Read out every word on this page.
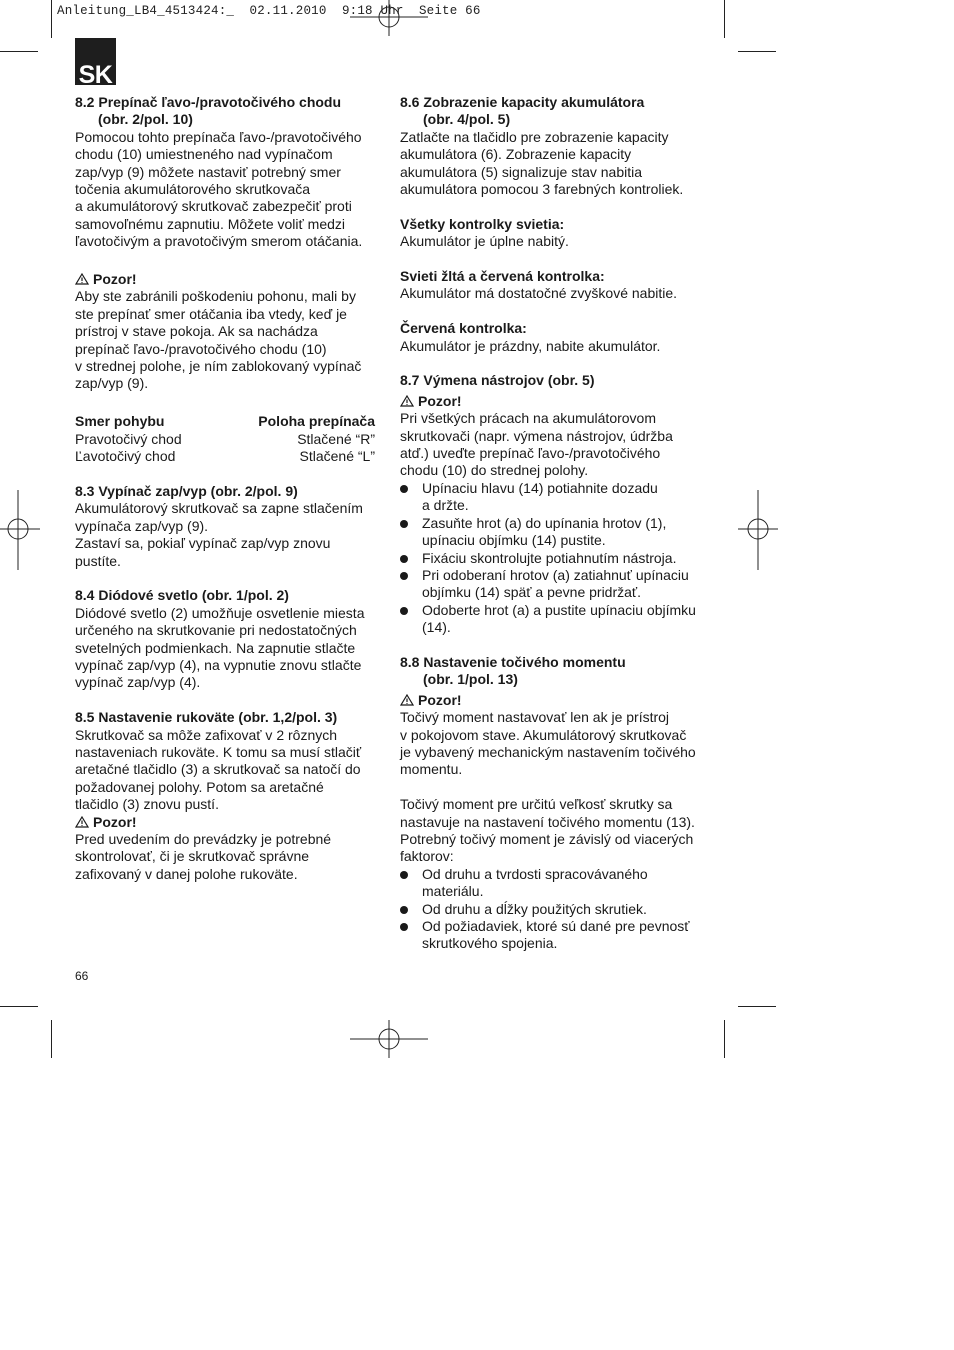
Anleitung_LB4_4513424:_  02.11.2010  9:18 Uhr  Seite 66
SK
8.2 Prepínač ľavo-/pravotočivého chodu
(obr. 2/pol. 10)

Pomocou tohto prepínača ľavo-/pravotočivého

chodu (10) umiestneného nad vypínačom

zap/vyp (9) môžete nastaviť potrebný smer

točenia akumulátorového skrutkovača

a akumulátorový skrutkovač zabezpečiť proti

samovoľnému zapnutiu. Môžete voliť medzi

ľavotočivým a pravotočivým smerom otáčania.

Pozor!

Aby ste zabránili poškodeniu pohonu, mali by

ste prepínať smer otáčania iba vtedy, keď je

prístroj v stave pokoja. Ak sa nachádza

prepínač ľavo-/pravotočivého chodu (10)

v strednej polohe, je ním zablokovaný vypínač

zap/vyp (9).

Smer pohybu	Poloha prepínača
Pravotočivý chod	Stlačené “R”
Ľavotočivý chod	Stlačené “L”

8.3 Vypínač zap/vyp (obr. 2/pol. 9)

Akumulátorový skrutkovač sa zapne stlačením

vypínača zap/vyp (9).

Zastaví sa, pokiaľ vypínač zap/vyp znovu

pustíte.

8.4 Diódové svetlo (obr. 1/pol. 2)

Diódové svetlo (2) umožňuje osvetlenie miesta

určeného na skrutkovanie pri nedostatočných

svetelných podmienkach. Na zapnutie stlačte

vypínač zap/vyp (4), na vypnutie znovu stlačte

vypínač zap/vyp (4).

8.5 Nastavenie rukoväte (obr. 1,2/pol. 3)

Skrutkovač sa môže zafixovať v 2 rôznych

nastaveniach rukoväte. K tomu sa musí stlačiť

aretačné tlačidlo (3) a skrutkovač sa natočí do

požadovanej polohy. Potom sa aretačné

tlačidlo (3) znovu pustí.

Pozor!

Pred uvedením do prevádzky je potrebné

skontrolovať, či je skrutkovač správne

zafixovaný v danej polohe rukoväte.

8.6 Zobrazenie kapacity akumulátora
(obr. 4/pol. 5)

Zatlačte na tlačidlo pre zobrazenie kapacity

akumulátora (6). Zobrazenie kapacity

akumulátora (5) signalizuje stav nabitia

akumulátora pomocou 3 farebných kontroliek.

Všetky kontrolky svietia:

Akumulátor je úplne nabitý.

Svieti žltá a červená kontrolka:

Akumulátor má dostatočné zvyškové nabitie.

Červená kontrolka:

Akumulátor je prázdny, nabite akumulátor.

8.7 Výmena nástrojov (obr. 5)

Pozor!

Pri všetkých prácach na akumulátorovom

skrutkovači (napr. výmena nástrojov, údržba

atď.) uveďte prepínač ľavo-/pravotočivého

chodu (10) do strednej polohy.

Upínaciu hlavu (14) potiahnite dozadu

a držte.

Zasuňte hrot (a) do upínania hrotov (1),

upínaciu objímku (14) pustite.

Fixáciu skontrolujte potiahnutím nástroja.

Pri odoberaní hrotov (a) zatiahnuť upínaciu

objímku (14) späť a pevne pridržať.

Odoberte hrot (a) a pustite upínaciu objímku

(14).

8.8 Nastavenie točivého momentu
(obr. 1/pol. 13)

Pozor!

Točivý moment nastavovať len ak je prístroj

v pokojovom stave. Akumulátorový skrutkovač

je vybavený mechanickým nastavením točivého

momentu.

Točivý moment pre určitú veľkosť skrutky sa

nastavuje na nastavení točivého momentu (13).

Potrebný točivý moment je závislý od viacerých

faktorov:

Od druhu a tvrdosti spracovávaného

materiálu.

Od druhu a dĺžky použitých skrutiek.

Od požiadaviek, ktoré sú dané pre pevnosť

skrutkového spojenia.

66
